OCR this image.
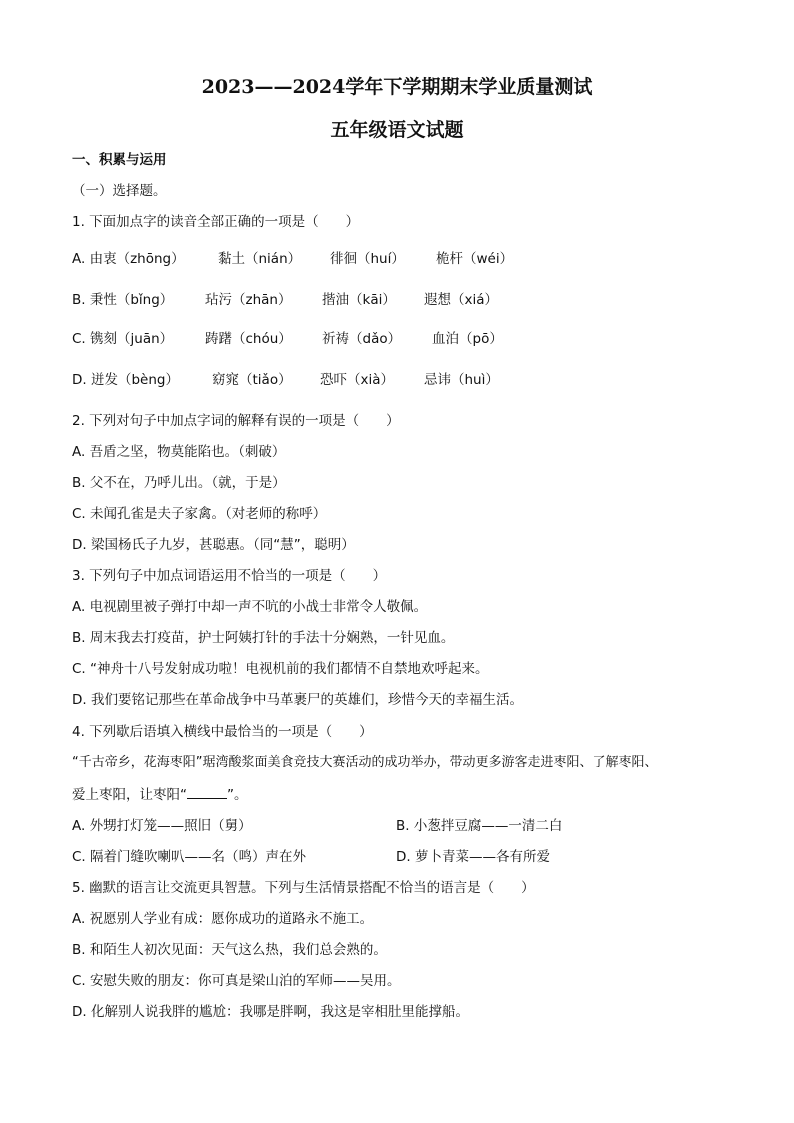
2023——2024学年下学期期末学业质量测试
五年级语文试题
一、积累与运用
（一）选择题。
1. 下面加点字的读音全部正确的一项是（　　）
A. 由衷（zhōng） 黏土（nián） 徘徊（huí） 桅杆（wéi）
B. 秉性（bǐng） 玷污（zhān） 揩油（kāi） 遐想（xiá）
C. 镌刻（juān） 踌躇（chóu） 祈祷（dǎo） 血泊（pō）
D. 迸发（bèng） 窈窕（tiǎo） 恐吓（xià） 忌讳（huì）
2. 下列对句子中加点字词的解释有误的一项是（　　）
A. 吾盾之坚，物莫能陷也。（刺破）
B. 父不在，乃呼儿出。（就，于是）
C. 未闻孔雀是夫子家禽。（对老师的称呼）
D. 梁国杨氏子九岁，甚聪惠。（同“慧”，聪明）
3. 下列句子中加点词语运用不恰当的一项是（　　）
A. 电视剧里被子弹打中却一声不吭的小战士非常令人敬佩。
B. 周末我去打疫苗，护士阿姨打针的手法十分娴熟，一针见血。
C. “神舟十八号发射成功啦！电视机前的我们都情不自禁地欢呼起来。
D. 我们要铭记那些在革命战争中马革裹尸的英雄们，珍惜今天的幸福生活。
4. 下列歇后语填入横线中最恰当的一项是（　　）
“千古帝乡，花海枣阳”琚湾酸浆面美食竞技大赛活动的成功举办，带动更多游客走进枣阳、了解枣阳、
爱上枣阳，让枣阳“	”。
A. 外甥打灯笼——照旧（舅）	B. 小葱拌豆腐——一清二白
C. 隔着门缝吹喇叭——名（鸣）声在外	D. 萝卜青菜——各有所爱
5. 幽默的语言让交流更具智慧。下列与生活情景搭配不恰当的语言是（　　）
A. 祝愿别人学业有成：愿你成功的道路永不施工。
B. 和陌生人初次见面：天气这么热，我们总会熟的。
C. 安慰失败的朋友：你可真是梁山泊的军师——吴用。
D. 化解别人说我胖的尴尬：我哪是胖啊，我这是宰相肚里能撑船。
